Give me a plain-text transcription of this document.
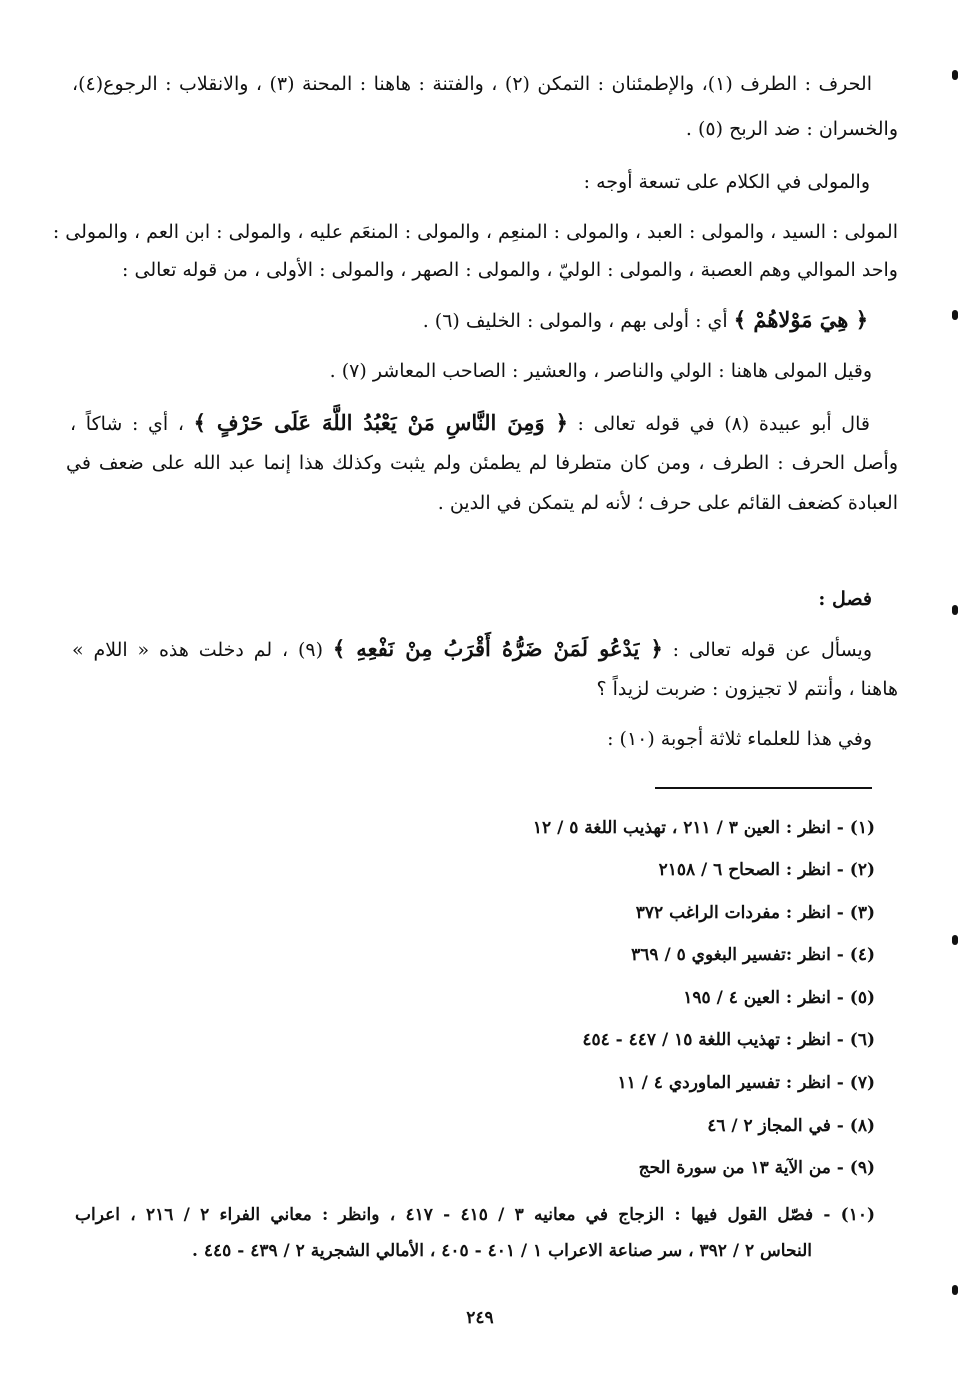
الحرف : الطرف (١)، والإطمئنان : التمكن (٢) ، والفتنة : هاهنا : المحنة (٣) ، والانقلاب : الرجوع(٤)،
والخسران : ضد الربح (٥) .
والمولى في الكلام على تسعة أوجه :
المولى : السيد ، والمولى : العبد ، والمولى : المنعِم ، والمولى : المنعَم عليه ، والمولى : ابن العم ، والمولى :
واحد الموالي وهم العصبة ، والمولى : الوليّ ، والمولى : الصهر ، والمولى : الأولى ، من قوله تعالى :
﴿ هِيَ مَوْلاهُمْ ﴾ أي : أولى بهم ، والمولى : الخليف (٦) .
وقيل المولى هاهنا : الولي والناصر ، والعشير : الصاحب المعاشر (٧) .
قال أبو عبيدة (٨) في قوله تعالى : ﴿ وَمِنَ النَّاسِ مَنْ يَعْبُدُ اللَّهَ عَلَى حَرْفٍ ﴾ ، أي : شاكاً ،
وأصل الحرف : الطرف ، ومن كان متطرفا لم يطمئن ولم يثبت وكذلك هذا إنما عبد الله على ضعف في
العبادة كضعف القائم على حرف ؛ لأنه لم يتمكن في الدين .
فصل :
ويسأل عن قوله تعالى : ﴿ يَدْعُو لَمَنْ ضَرُّهُ أَقْرَبُ مِنْ نَفْعِهِ ﴾ (٩) ، لم دخلت هذه « اللام »
هاهنا ، وأنتم لا تجيزون : ضربت لزيداً ؟
وفي هذا للعلماء ثلاثة أجوبة (١٠) :
(١) - انظر : العين ٣ / ٢١١ ، تهذيب اللغة ٥ / ١٢
(٢) - انظر : الصحاح ٦ / ٢١٥٨
(٣) - انظر : مفردات الراغب ٣٧٢
(٤) - انظر :تفسير البغوي ٥ / ٣٦٩
(٥) - انظر : العين ٤ / ١٩٥
(٦) - انظر : تهذيب اللغة ١٥ / ٤٤٧ - ٤٥٤
(٧) - انظر : تفسير الماوردي ٤ / ١١
(٨) - في المجاز ٢ / ٤٦
(٩) - من الآية ١٣ من سورة الحج
(١٠) - فصّل القول فيها : الزجاج في معانيه ٣ / ٤١٥ - ٤١٧ ، وانظر : معاني الفراء ٢ / ٢١٦ ، اعراب
النحاس ٢ / ٣٩٢ ، سر صناعة الاعراب ١ / ٤٠١ - ٤٠٥ ، الأمالي الشجرية ٢ / ٤٣٩ - ٤٤٥ .
٢٤٩
